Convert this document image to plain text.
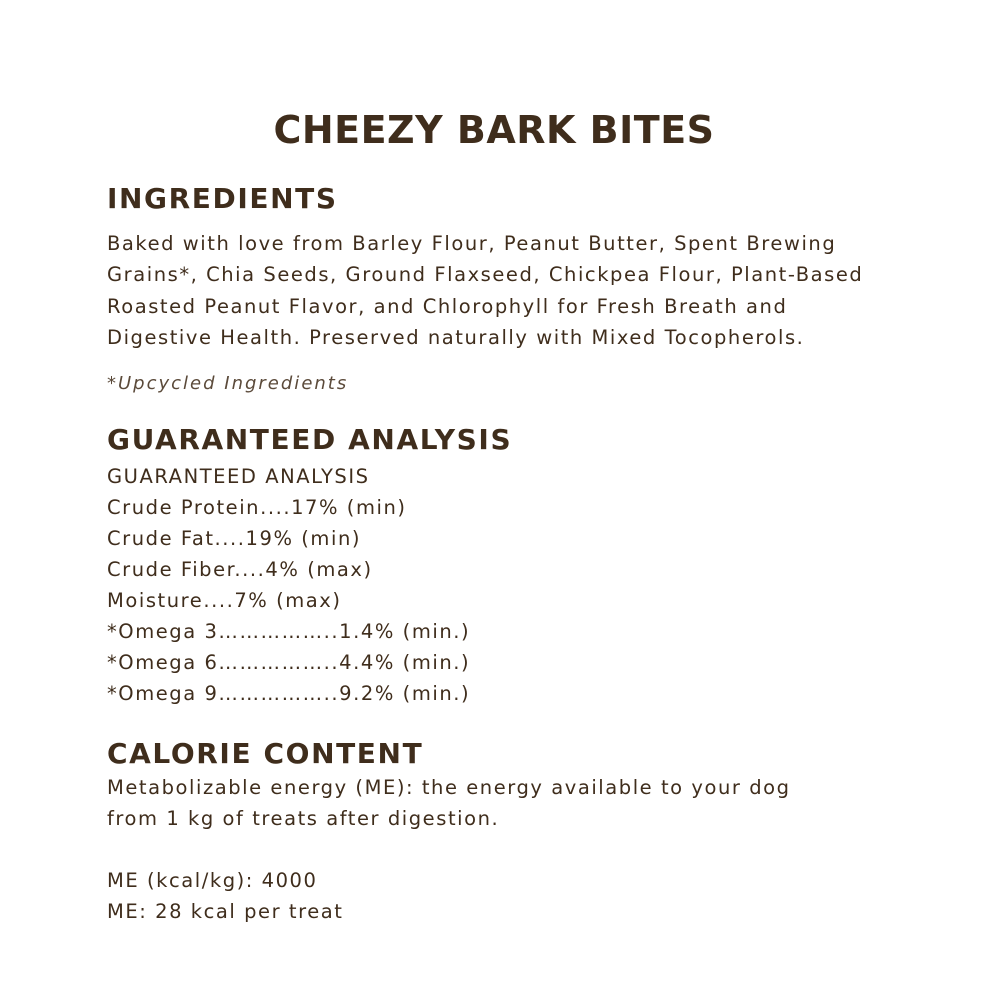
CHEEZY BARK BITES
INGREDIENTS

Baked with love from Barley Flour, Peanut Butter, Spent Brewing

Grains*, Chia Seeds, Ground Flaxseed, Chickpea Flour, Plant-Based

Roasted Peanut Flavor, and Chlorophyll for Fresh Breath and

Digestive Health. Preserved naturally with Mixed Tocopherols.

*Upcycled Ingredients

GUARANTEED ANALYSIS

GUARANTEED ANALYSIS

Crude Protein....17% (min)

Crude Fat....19% (min)

Crude Fiber....4% (max)

Moisture....7% (max)

*Omega 3……………..1.4% (min.)

*Omega 6……………..4.4% (min.)

*Omega 9……………..9.2% (min.)

CALORIE CONTENT

Metabolizable energy (ME): the energy available to your dog

from 1 kg of treats after digestion.

ME (kcal/kg): 4000

ME: 28 kcal per treat
